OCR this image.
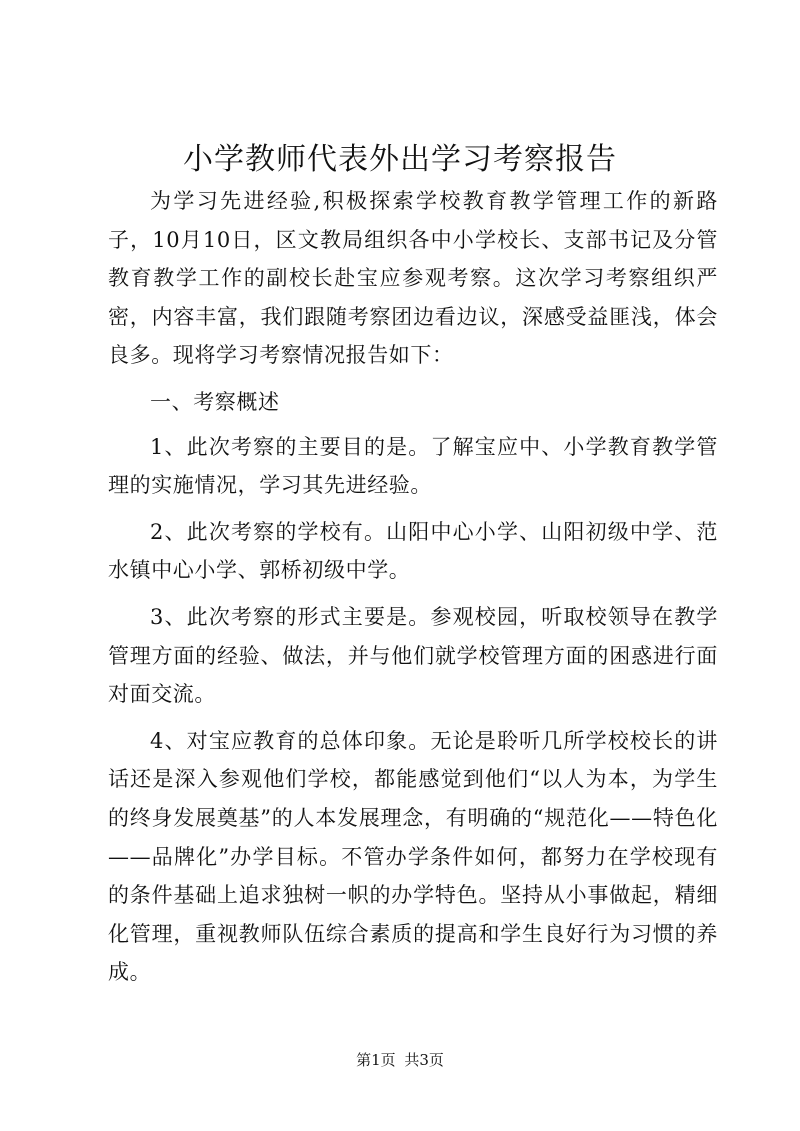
小学教师代表外出学习考察报告

为学习先进经验,积极探索学校教育教学管理工作的新路子，10月10日，区文教局组织各中小学校长、支部书记及分管教育教学工作的副校长赴宝应参观考察。这次学习考察组织严密，内容丰富，我们跟随考察团边看边议，深感受益匪浅，体会良多。现将学习考察情况报告如下：

一、考察概述

1、此次考察的主要目的是。了解宝应中、小学教育教学管理的实施情况，学习其先进经验。

2、此次考察的学校有。山阳中心小学、山阳初级中学、范水镇中心小学、郭桥初级中学。

3、此次考察的形式主要是。参观校园，听取校领导在教学管理方面的经验、做法，并与他们就学校管理方面的困惑进行面对面交流。

4、对宝应教育的总体印象。无论是聆听几所学校校长的讲话还是深入参观他们学校，都能感觉到他们“以人为本，为学生的终身发展奠基”的人本发展理念，有明确的“规范化——特色化——品牌化”办学目标。不管办学条件如何，都努力在学校现有的条件基础上追求独树一帜的办学特色。坚持从小事做起，精细化管理，重视教师队伍综合素质的提高和学生良好行为习惯的养成。

第1页 共3页
